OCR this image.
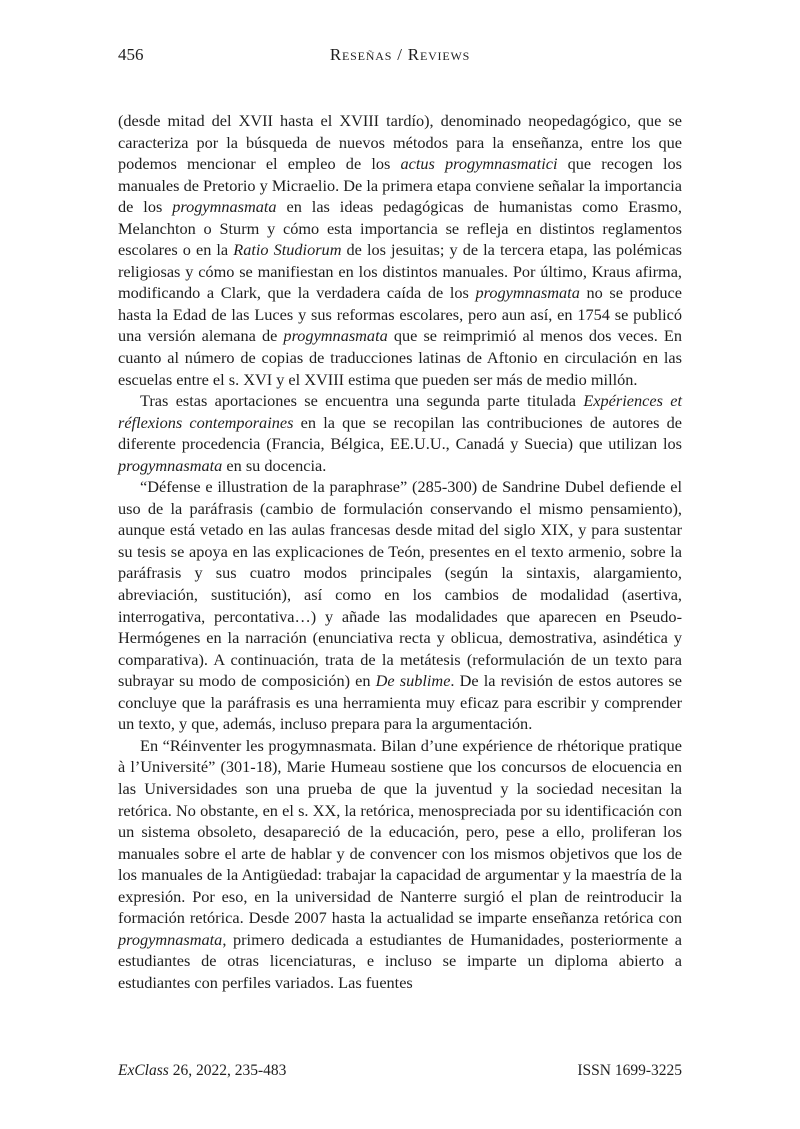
456	Reseñas / Reviews

(desde mitad del XVII hasta el XVIII tardío), denominado neopedagógico, que se caracteriza por la búsqueda de nuevos métodos para la enseñanza, entre los que podemos mencionar el empleo de los actus progymnasmatici que recogen los manuales de Pretorio y Micraelio. De la primera etapa conviene señalar la importancia de los progymnasmata en las ideas pedagógicas de humanistas como Erasmo, Melanchton o Sturm y cómo esta importancia se refleja en distintos reglamentos escolares o en la Ratio Studiorum de los jesuitas; y de la tercera etapa, las polémicas religiosas y cómo se manifiestan en los distintos manuales. Por último, Kraus afirma, modificando a Clark, que la verdadera caída de los progymnasmata no se produce hasta la Edad de las Luces y sus reformas escolares, pero aun así, en 1754 se publicó una versión alemana de progymnasmata que se reimprimió al menos dos veces. En cuanto al número de copias de traducciones latinas de Aftonio en circulación en las escuelas entre el s. XVI y el XVIII estima que pueden ser más de medio millón.

Tras estas aportaciones se encuentra una segunda parte titulada Expériences et réflexions contemporaines en la que se recopilan las contribuciones de autores de diferente procedencia (Francia, Bélgica, EE.U.U., Canadá y Suecia) que utilizan los progymnasmata en su docencia.

“Défense e illustration de la paraphrase” (285-300) de Sandrine Dubel defiende el uso de la paráfrasis (cambio de formulación conservando el mismo pensamiento), aunque está vetado en las aulas francesas desde mitad del siglo XIX, y para sustentar su tesis se apoya en las explicaciones de Teón, presentes en el texto armenio, sobre la paráfrasis y sus cuatro modos principales (según la sintaxis, alargamiento, abreviación, sustitución), así como en los cambios de modalidad (asertiva, interrogativa, percontativa…) y añade las modalidades que aparecen en Pseudo-Hermógenes en la narración (enunciativa recta y oblicua, demostrativa, asindética y comparativa). A continuación, trata de la metátesis (reformulación de un texto para subrayar su modo de composición) en De sublime. De la revisión de estos autores se concluye que la paráfrasis es una herramienta muy eficaz para escribir y comprender un texto, y que, además, incluso prepara para la argumentación.

En “Réinventer les progymnasmata. Bilan d’une expérience de rhétorique pratique à l’Université” (301-18), Marie Humeau sostiene que los concursos de elocuencia en las Universidades son una prueba de que la juventud y la sociedad necesitan la retórica. No obstante, en el s. XX, la retórica, menospreciada por su identificación con un sistema obsoleto, desapareció de la educación, pero, pese a ello, proliferan los manuales sobre el arte de hablar y de convencer con los mismos objetivos que los de los manuales de la Antigüedad: trabajar la capacidad de argumentar y la maestría de la expresión. Por eso, en la universidad de Nanterre surgió el plan de reintroducir la formación retórica. Desde 2007 hasta la actualidad se imparte enseñanza retórica con progymnasmata, primero dedicada a estudiantes de Humanidades, posteriormente a estudiantes de otras licenciaturas, e incluso se imparte un diploma abierto a estudiantes con perfiles variados. Las fuentes

ExClass 26, 2022, 235-483	ISSN 1699-3225
